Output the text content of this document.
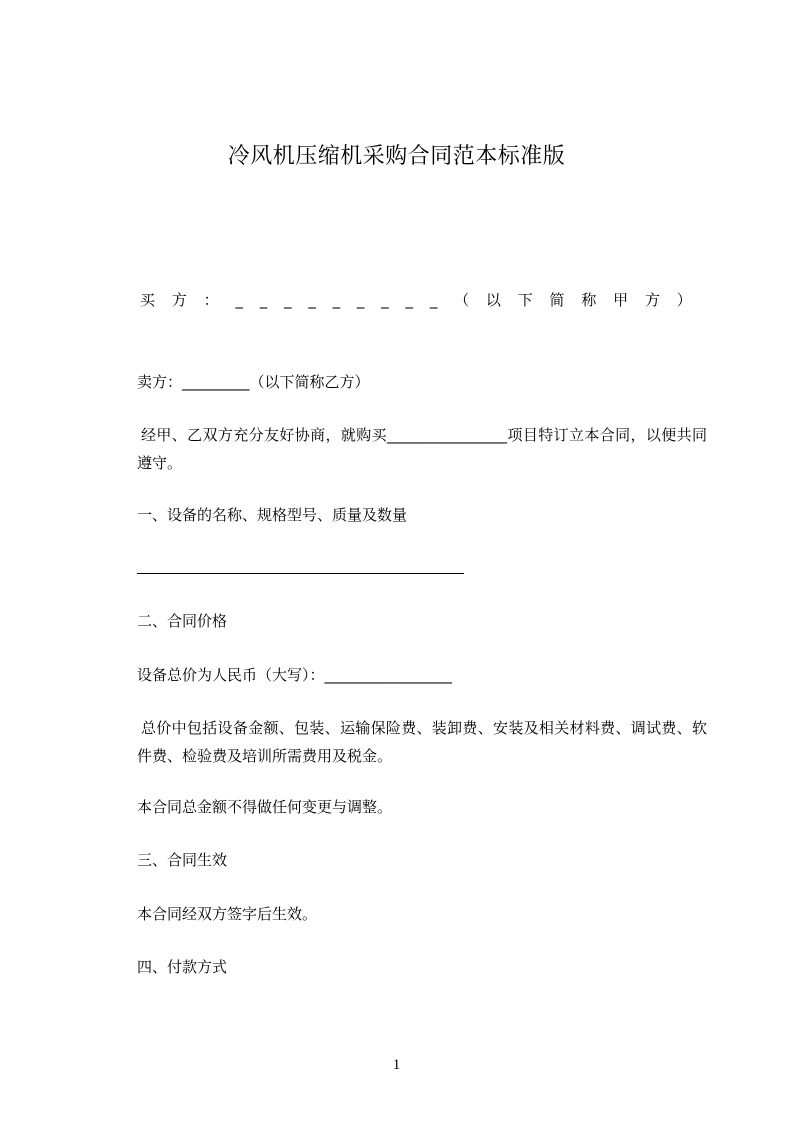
冷风机压缩机采购合同范本标准版
买 方 ： _ _ _ _ _ _ _ _ _ （ 以 下 简 称 甲 方 ）
卖方：_________（以下简称乙方）
经甲、乙双方充分友好协商，就购买________________项目特订立本合同，以便共同遵守。
一、设备的名称、规格型号、质量及数量
二、合同价格
设备总价为人民币（大写）：_________________
总价中包括设备金额、包装、运输保险费、装卸费、安装及相关材料费、调试费、软件费、检验费及培训所需费用及税金。
本合同总金额不得做任何变更与调整。
三、合同生效
本合同经双方签字后生效。
四、付款方式
1
